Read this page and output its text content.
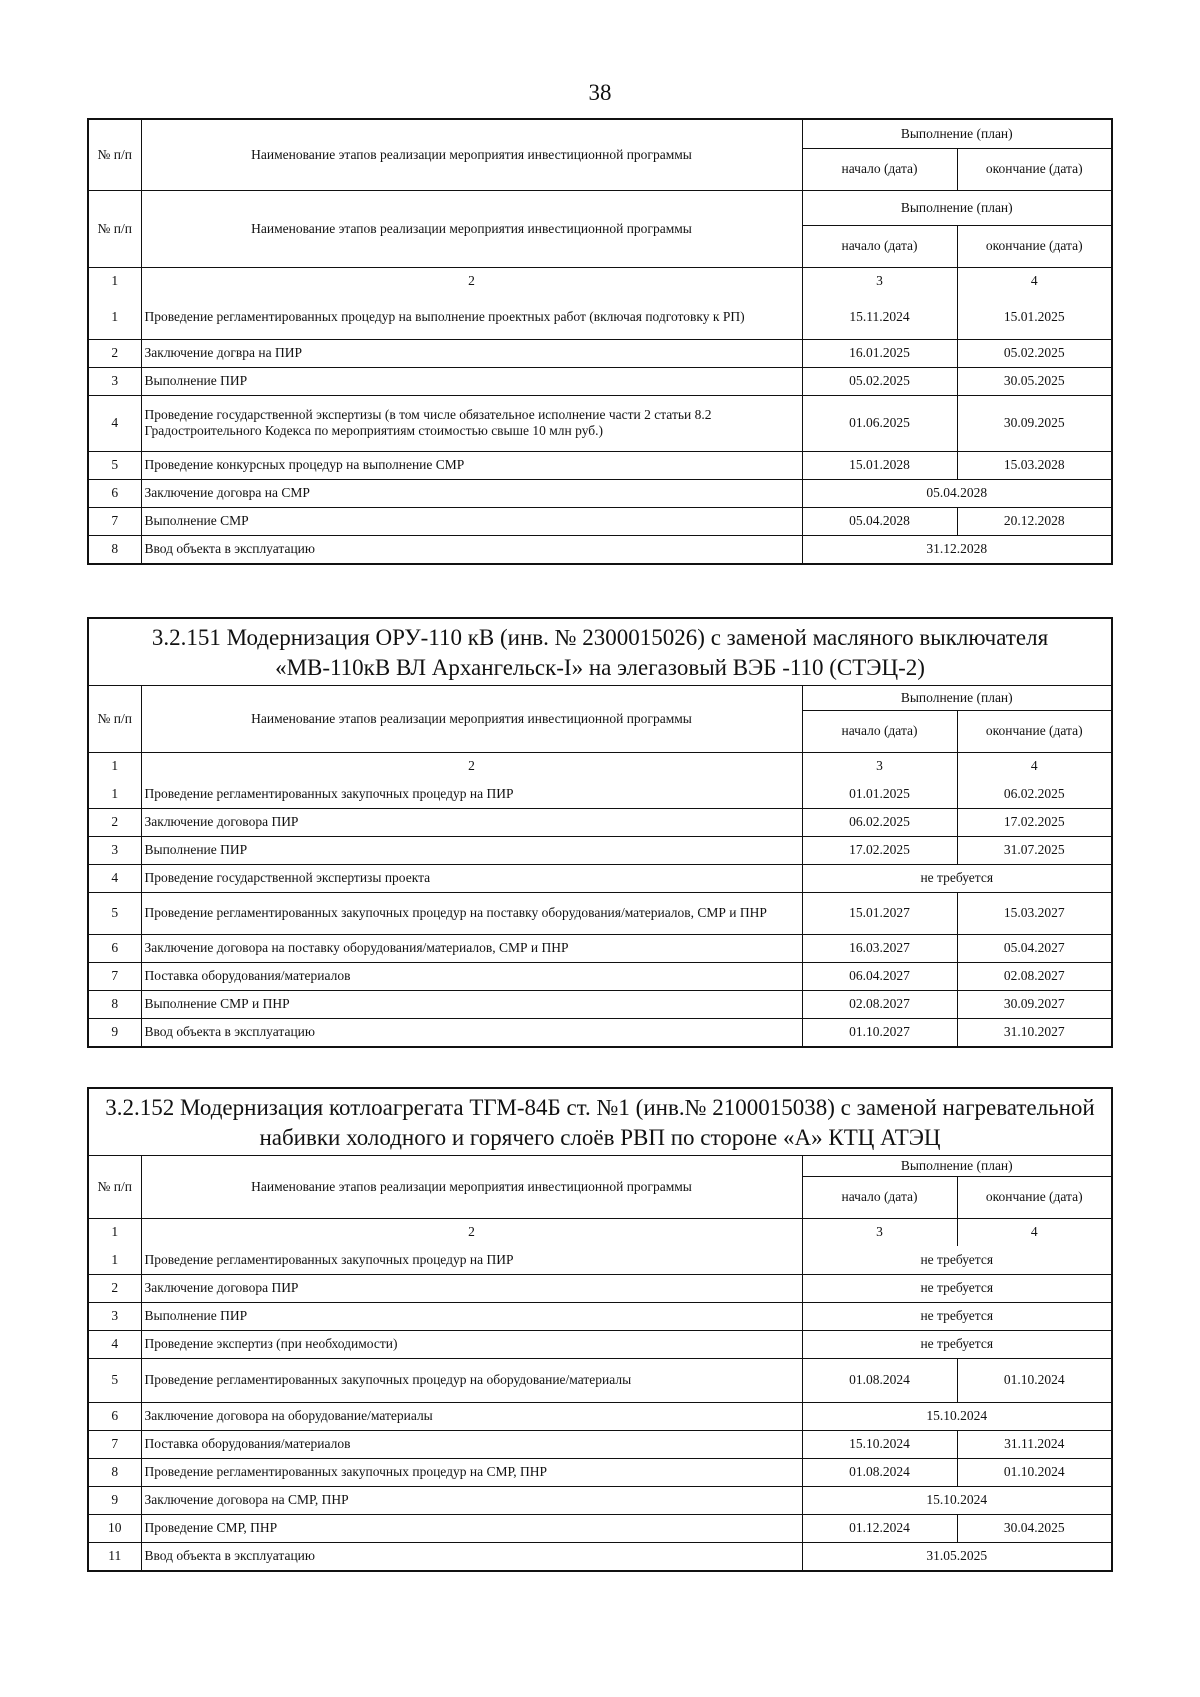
38
№ п/п	Наименование этапов реализации мероприятия инвестиционной программы	Выполнение (план)	
		начало (дата)	окончание (дата)
№ п/п	Наименование этапов реализации мероприятия инвестиционной программы	Выполнение (план)	
		начало (дата)	окончание (дата)
1	2	3	4
1	Проведение регламентированных процедур на выполнение проектных работ (включая подготовку к РП)	15.11.2024	15.01.2025
2	Заключение догвра на ПИР	16.01.2025	05.02.2025
3	Выполнение ПИР	05.02.2025	30.05.2025
4	Проведение государственной экспертизы (в том числе обязательное исполнение части 2 статьи 8.2 Градостроительного Кодекса по мероприятиям стоимостью свыше 10 млн руб.)	01.06.2025	30.09.2025
5	Проведение конкурсных процедур на выполнение СМР	15.01.2028	15.03.2028
6	Заключение договра на СМР	05.04.2028	
7	Выполнение СМР	05.04.2028	20.12.2028
8	Ввод объекта в эксплуатацию	31.12.2028	
3.2.151 Модернизация ОРУ-110 кВ (инв. № 2300015026) с заменой масляного выключателя «МВ-110кВ ВЛ Архангельск-I» на элегазовый ВЭБ -110 (СТЭЦ-2)
№ п/п	Наименование этапов реализации мероприятия инвестиционной программы	Выполнение (план)	
		начало (дата)	окончание (дата)
1	2	3	4
1	Проведение регламентированных закупочных процедур на ПИР	01.01.2025	06.02.2025
2	Заключение договора ПИР	06.02.2025	17.02.2025
3	Выполнение ПИР	17.02.2025	31.07.2025
4	Проведение государственной экспертизы проекта	не требуется	
5	Проведение регламентированных закупочных процедур на поставку оборудования/материалов, СМР и ПНР	15.01.2027	15.03.2027
6	Заключение договора на поставку оборудования/материалов, СМР и ПНР	16.03.2027	05.04.2027
7	Поставка оборудования/материалов	06.04.2027	02.08.2027
8	Выполнение СМР и ПНР	02.08.2027	30.09.2027
9	Ввод объекта в эксплуатацию	01.10.2027	31.10.2027
3.2.152 Модернизация котлоагрегата ТГМ-84Б ст. №1 (инв.№ 2100015038) с заменой нагревательной набивки холодного и горячего слоёв РВП по стороне «А» КТЦ АТЭЦ
№ п/п	Наименование этапов реализации мероприятия инвестиционной программы	Выполнение (план)	
		начало (дата)	окончание (дата)
1	2	3	4
1	Проведение регламентированных закупочных процедур на ПИР	не требуется	
2	Заключение договора ПИР	не требуется	
3	Выполнение ПИР	не требуется	
4	Проведение экспертиз (при необходимости)	не требуется	
5	Проведение регламентированных закупочных процедур на оборудование/материалы	01.08.2024	01.10.2024
6	Заключение договора на оборудование/материалы	15.10.2024	
7	Поставка оборудования/материалов	15.10.2024	31.11.2024
8	Проведение регламентированных закупочных процедур на СМР, ПНР	01.08.2024	01.10.2024
9	Заключение договора на СМР, ПНР	15.10.2024	
10	Проведение СМР, ПНР	01.12.2024	30.04.2025
11	Ввод объекта в эксплуатацию	31.05.2025	
